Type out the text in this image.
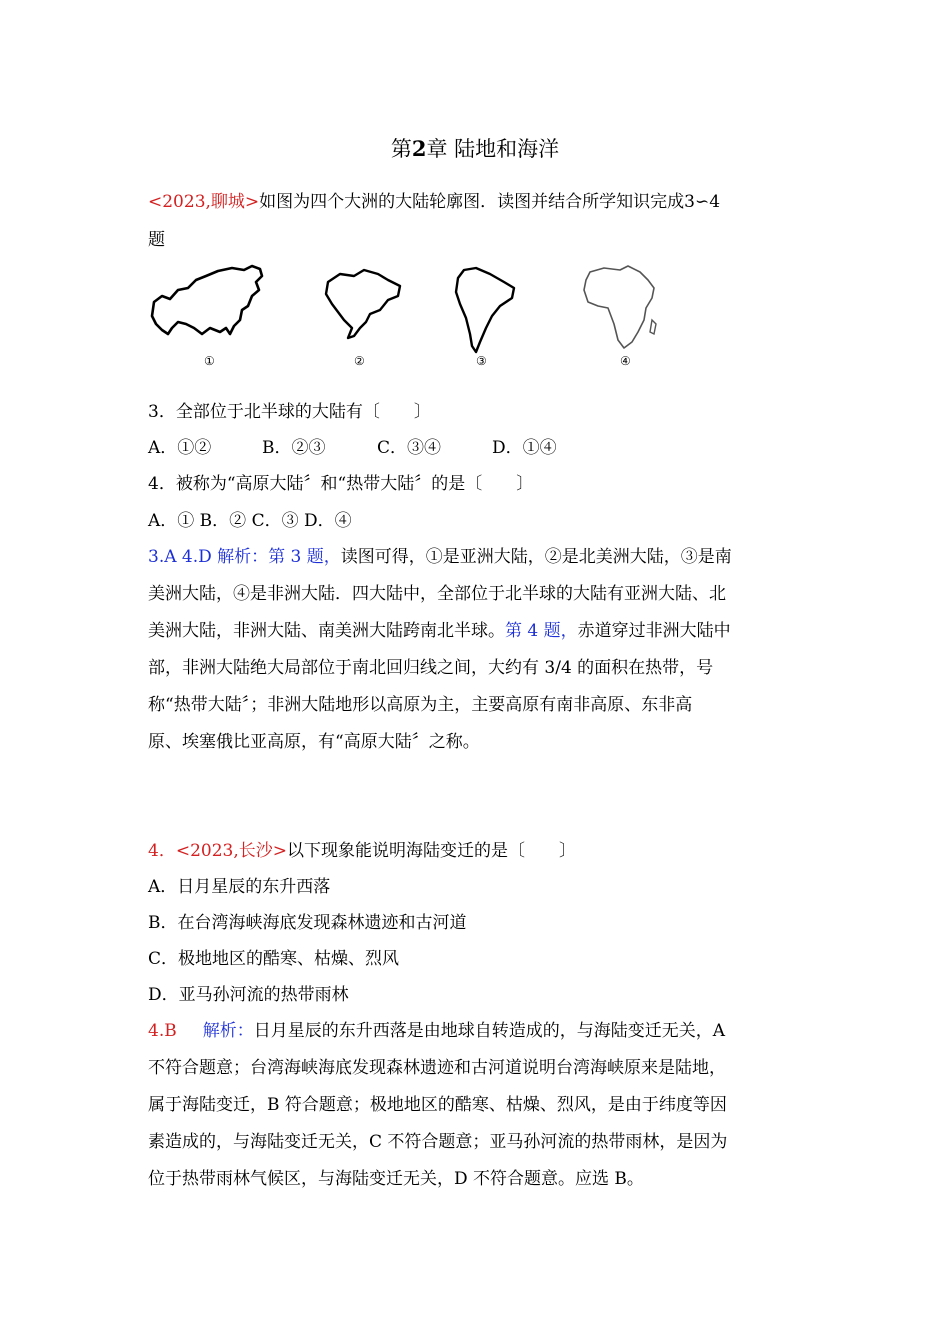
第2章 陆地和海洋
<2023,聊城>如图为四个大洲的大陆轮廓图．读图并结合所学知识完成3∽4
题
①	②	③	④
3．全部位于北半球的大陆有〔　　〕
A．①②	B．②③	C．③④	D．①④
4．被称为“高原大陆〞和“热带大陆〞的是〔　　〕
A．① B．② C．③ D．④
3.A 4.D 解析：第 3 题，读图可得，①是亚洲大陆，②是北美洲大陆，③是南
美洲大陆，④是非洲大陆．四大陆中，全部位于北半球的大陆有亚洲大陆、北
美洲大陆，非洲大陆、南美洲大陆跨南北半球。第 4 题，赤道穿过非洲大陆中
部，非洲大陆绝大局部位于南北回归线之间，大约有 3/4 的面积在热带，号
称“热带大陆〞；非洲大陆地形以高原为主，主要高原有南非高原、东非高
原、埃塞俄比亚高原，有“高原大陆〞之称。
4．<2023,长沙>以下现象能说明海陆变迁的是〔　　〕
A．日月星辰的东升西落
B．在台湾海峡海底发现森林遗迹和古河道
C．极地地区的酷寒、枯燥、烈风
D．亚马孙河流的热带雨林
4.B 解析：日月星辰的东升西落是由地球自转造成的，与海陆变迁无关，A
不符合题意；台湾海峡海底发现森林遗迹和古河道说明台湾海峡原来是陆地，
属于海陆变迁，B 符合题意；极地地区的酷寒、枯燥、烈风，是由于纬度等因
素造成的，与海陆变迁无关，C 不符合题意；亚马孙河流的热带雨林，是因为
位于热带雨林气候区，与海陆变迁无关，D 不符合题意。应选 B。
